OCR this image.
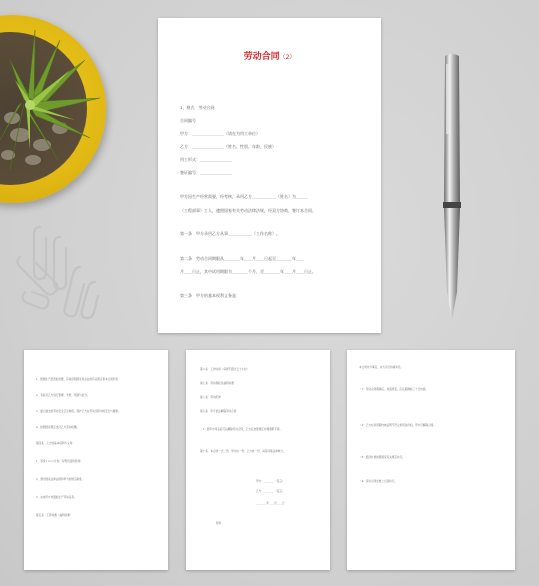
劳动合同（2）
1、格式　劳动合同
合同编号
甲方：________________（请在为用工单位）
乙方：________________（姓名、性别、年龄、民族）
用工形式：________________
签证编号：________________
甲方因生产经营需要，经考核，录用乙方____________（姓名）为______
（工程部事）工人，遵照国家有关劳动法律法规，经双方协商，签订本合同。
第一条　甲方录用乙方从事____________（工作名称）。
第二条　劳动合同期限从________年____月____日起至________年____
月____日止，其中试用期限为________个月，至________年____月____日止。
第三条　甲方的基本权利义务是：
1、根据生产经营的需要，有权依照国家和企业的有关规定和本合同约定
2、有权对乙方进行管理、考核、奖励与处分。
3、建立健全的劳动安全卫生制度，保护乙方在劳动过程中的安全与健康。
4、按照国家规定支付乙方劳动报酬。
第四条　乙方的基本权利与义务：
1、享受××××计划（写明所受的培训）
2、遵守国家法律法规和甲方的规章制度。
3、完成甲方布置的生产劳动任务。
第五条　工资待遇（福利待遇）
第六条　工作时间（每周不超过五十小时）
第七条　劳动保险及福利待遇
第八条　劳动纪律
第九条　甲方依法解除劳动合同
（1）经甲方同意后可以解除劳动合同，乙方应按照规定办理离职手续。
第十条　本合同一式二份，甲方执一份，乙方执一份，具有同等法律效力。
甲方：________（签章）
乙方：________（签章）
________年____月____日
附件
本合同未尽事宜，双方另行协商补充。
（1）劳动合同期满后，如需续签，应在期满前三十日协商。
（2）乙方在试用期内被证明不符合录用条件的，甲方可解除合同。
（3）经济补偿按照国家有关规定执行。
（4）劳动合同生效之日起执行。
